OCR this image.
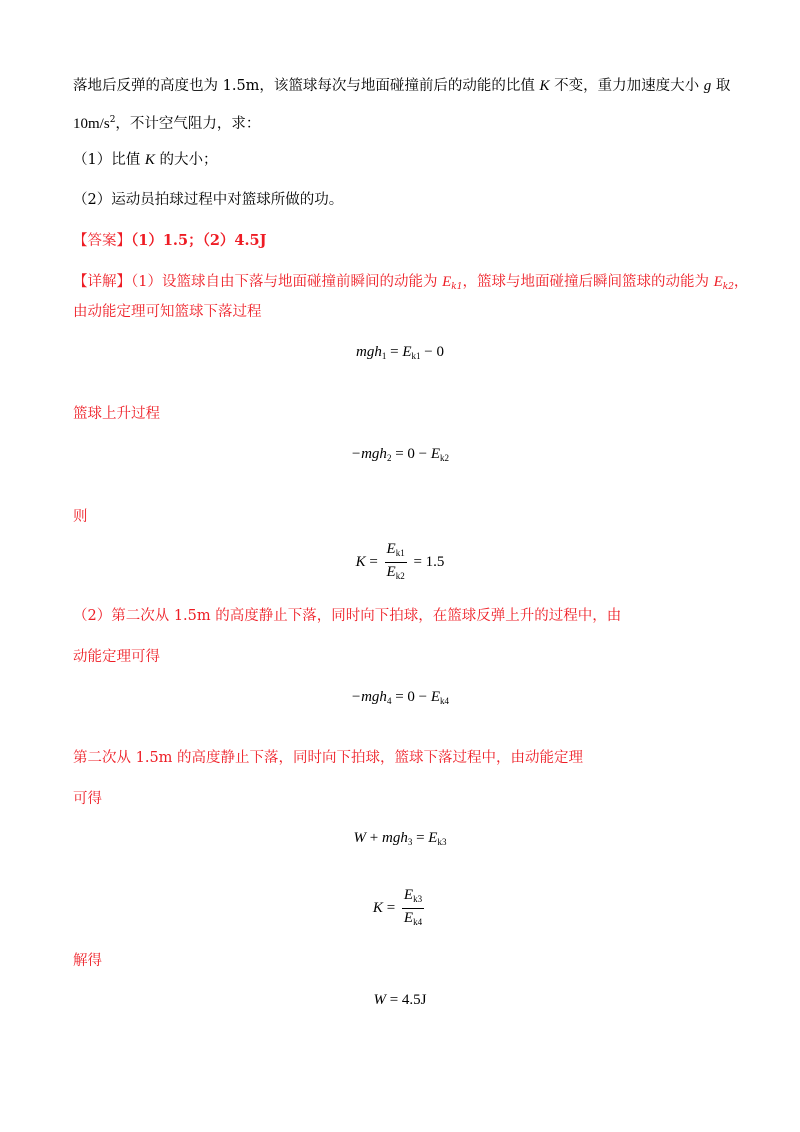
落地后反弹的高度也为 1.5m，该篮球每次与地面碰撞前后的动能的比值 K 不变，重力加速度大小 g 取
$10m/s^2$，不计空气阻力，求：
（1）比值 K 的大小；
（2）运动员拍球过程中对篮球所做的功。
【答案】（1）1.5；（2）4.5J
【详解】（1）设篮球自由下落与地面碰撞前瞬间的动能为 $E_{k1}$，篮球与地面碰撞后瞬间篮球的动能为 $E_{k2}$，
由动能定理可知篮球下落过程
$mgh_1 = E_{k1} - 0$
篮球上升过程
$-mgh_2 = 0 - E_{k2}$
则
$K = \frac{E_{k1}}{E_{k2}} = 1.5$
（2）第二次从 1.5m 的高度静止下落，同时向下拍球，在篮球反弹上升的过程中，由
动能定理可得
$-mgh_4 = 0 - E_{k4}$
第二次从 1.5m 的高度静止下落，同时向下拍球，篮球下落过程中，由动能定理
可得
$W + mgh_3 = E_{k3}$
$K = \frac{E_{k3}}{E_{k4}}$
解得
W = 4.5J
